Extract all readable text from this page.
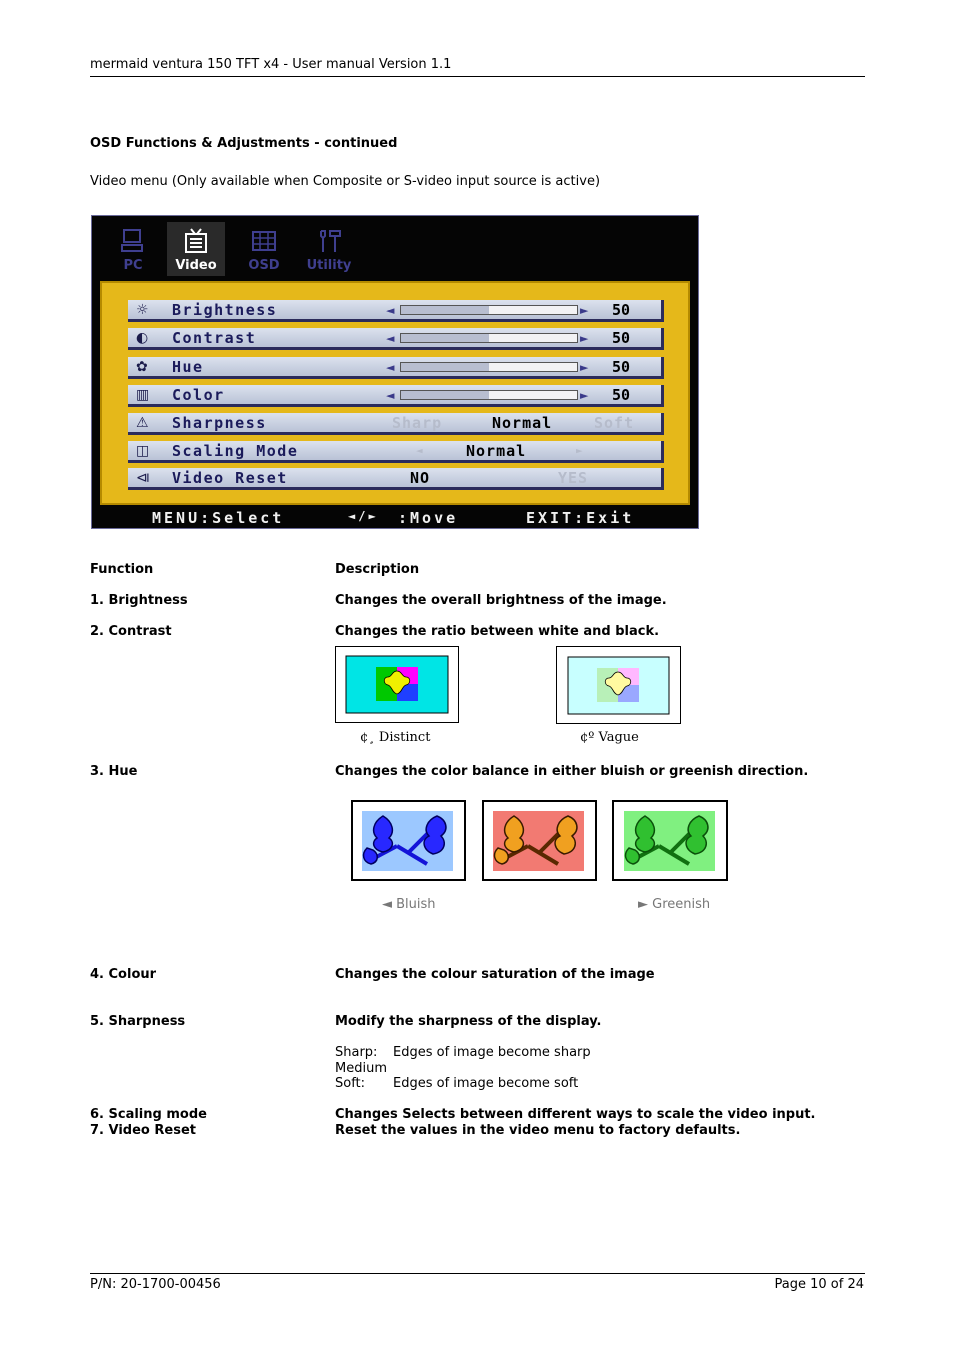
mermaid ventura 150 TFT x4 - User manual Version 1.1
OSD Functions & Adjustments - continued
Video menu (Only available when Composite or S-video input source is active)
PC	Video	OSD	Utility
☼	Brightness	◄	► 50
◐	Contrast	◄	► 50
✿	Hue	◄	► 50
▥	Color	◄	► 50
⚠	Sharpness	Sharp	Normal	Soft
◫	Scaling Mode	◄	Normal	►
⧏ Video Reset	NO	YES
MENU:Select	◄/► :Move	EXIT:Exit
Function	Description
1. Brightness	Changes the overall brightness of the image.
2. Contrast	Changes the ratio between white and black.
¢¸ Distinct	¢º Vague
3. Hue	Changes the color balance in either bluish or greenish direction.
◄ Bluish	► Greenish
4. Colour	Changes the colour saturation of the image
5. Sharpness	Modify the sharpness of the display.
Sharp: Edges of image become sharp
Medium
Soft: Edges of image become soft
6. Scaling mode	Changes Selects between different ways to scale the video input.
7. Video Reset	Reset the values in the video menu to factory defaults.
P/N: 20-1700-00456	Page 10 of 24
